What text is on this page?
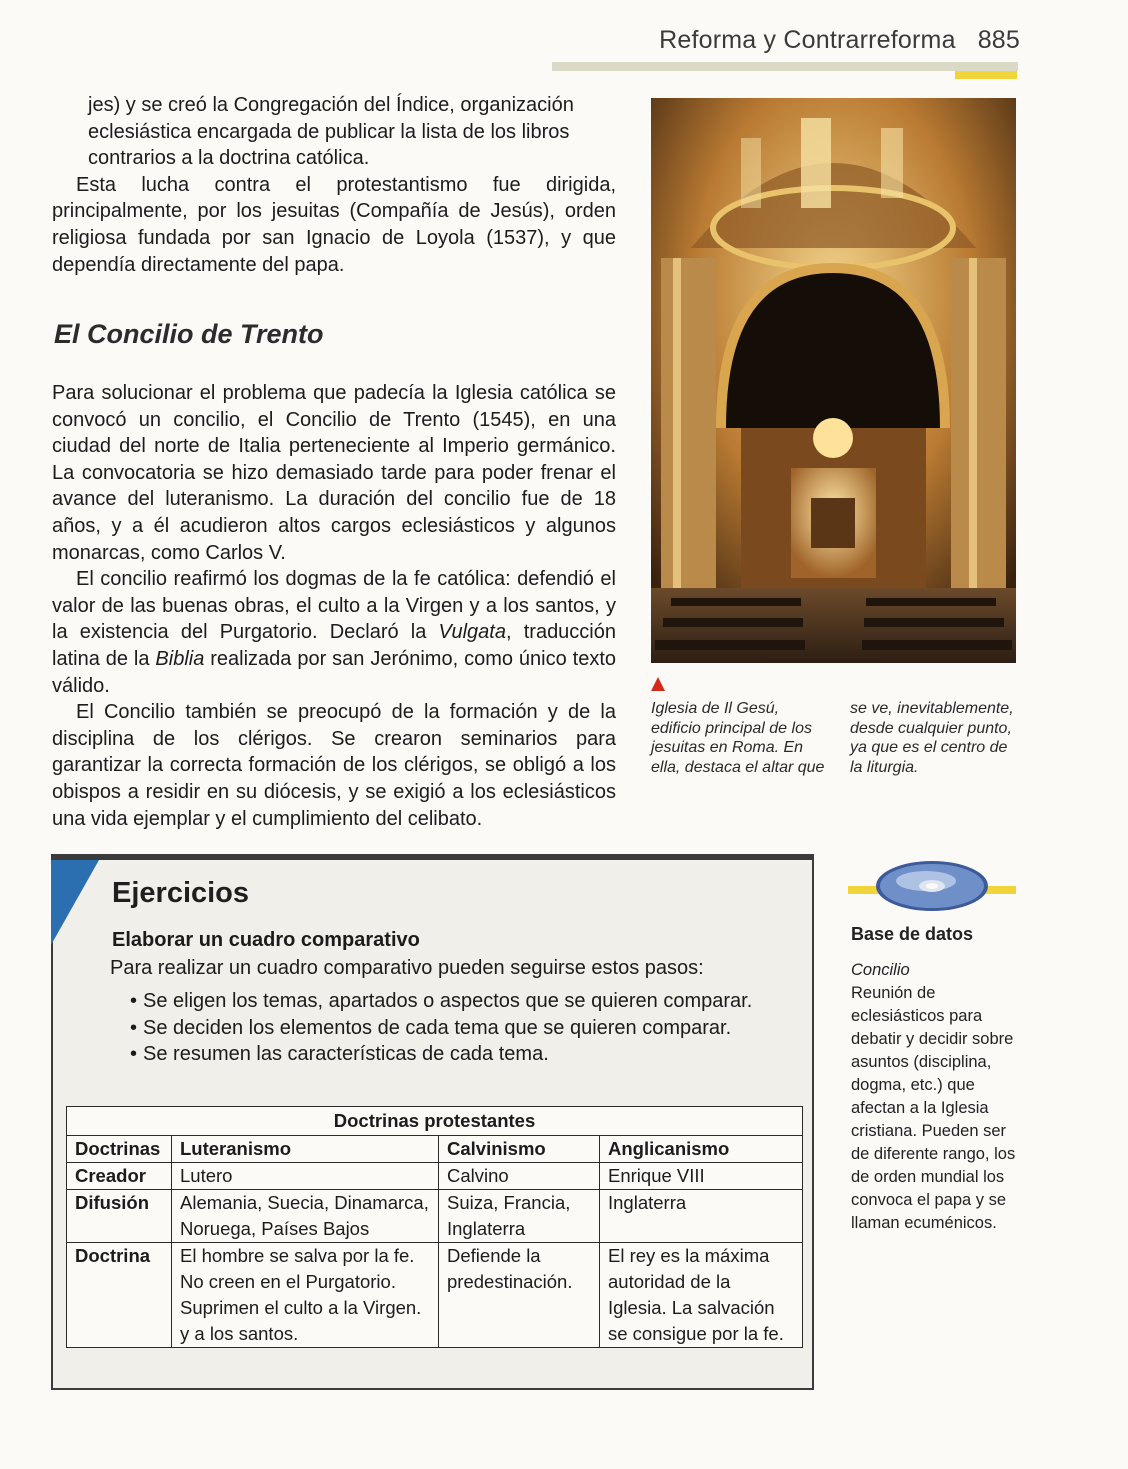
Reforma y Contrarreforma 885

jes) y se creó la Congregación del Índice, organización eclesiástica encargada de publicar la lista de los libros contrarios a la doctrina católica.

Esta lucha contra el protestantismo fue dirigida, principalmente, por los jesuitas (Compañía de Jesús), orden religiosa fundada por san Ignacio de Loyola (1537), y que dependía directamente del papa.

El Concilio de Trento

Para solucionar el problema que padecía la Iglesia católica se convocó un concilio, el Concilio de Trento (1545), en una ciudad del norte de Italia perteneciente al Imperio germánico. La convocatoria se hizo demasiado tarde para poder frenar el avance del luteranismo. La duración del concilio fue de 18 años, y a él acudieron altos cargos eclesiásticos y algunos monarcas, como Carlos V.

El concilio reafirmó los dogmas de la fe católica: defendió el valor de las buenas obras, el culto a la Virgen y a los santos, y la existencia del Purgatorio. Declaró la Vulgata, traducción latina de la Biblia realizada por san Jerónimo, como único texto válido.

El Concilio también se preocupó de la formación y de la disciplina de los clérigos. Se crearon seminarios para garantizar la correcta formación de los clérigos, se obligó a los obispos a residir en su diócesis, y se exigió a los eclesiásticos una vida ejemplar y el cumplimiento del celibato.

Iglesia de Il Gesú, edificio principal de los jesuitas en Roma. En ella, destaca el altar que

se ve, inevitablemente, desde cualquier punto, ya que es el centro de la liturgia.

Ejercicios
Elaborar un cuadro comparativo
Para realizar un cuadro comparativo pueden seguirse estos pasos:
• Se eligen los temas, apartados o aspectos que se quieren comparar.
• Se deciden los elementos de cada tema que se quieren comparar.
• Se resumen las características de cada tema.
Doctrinas protestantes			
Doctrinas	Luteranismo	Calvinismo	Anglicanismo
Creador	Lutero	Calvino	Enrique VIII
Difusión	Alemania, Suecia, Dinamarca, Noruega, Países Bajos	Suiza, Francia, Inglaterra	Inglaterra
Doctrina	El hombre se salva por la fe. No creen en el Purgatorio. Suprimen el culto a la Virgen. y a los santos.	Defiende la predestinación.	El rey es la máxima autoridad de la Iglesia. La salvación se consigue por la fe.
Base de datos
Concilio
Reunión de eclesiásticos para debatir y decidir sobre asuntos (disciplina, dogma, etc.) que afectan a la Iglesia cristiana. Pueden ser de diferente rango, los de orden mundial los convoca el papa y se llaman ecuménicos.
